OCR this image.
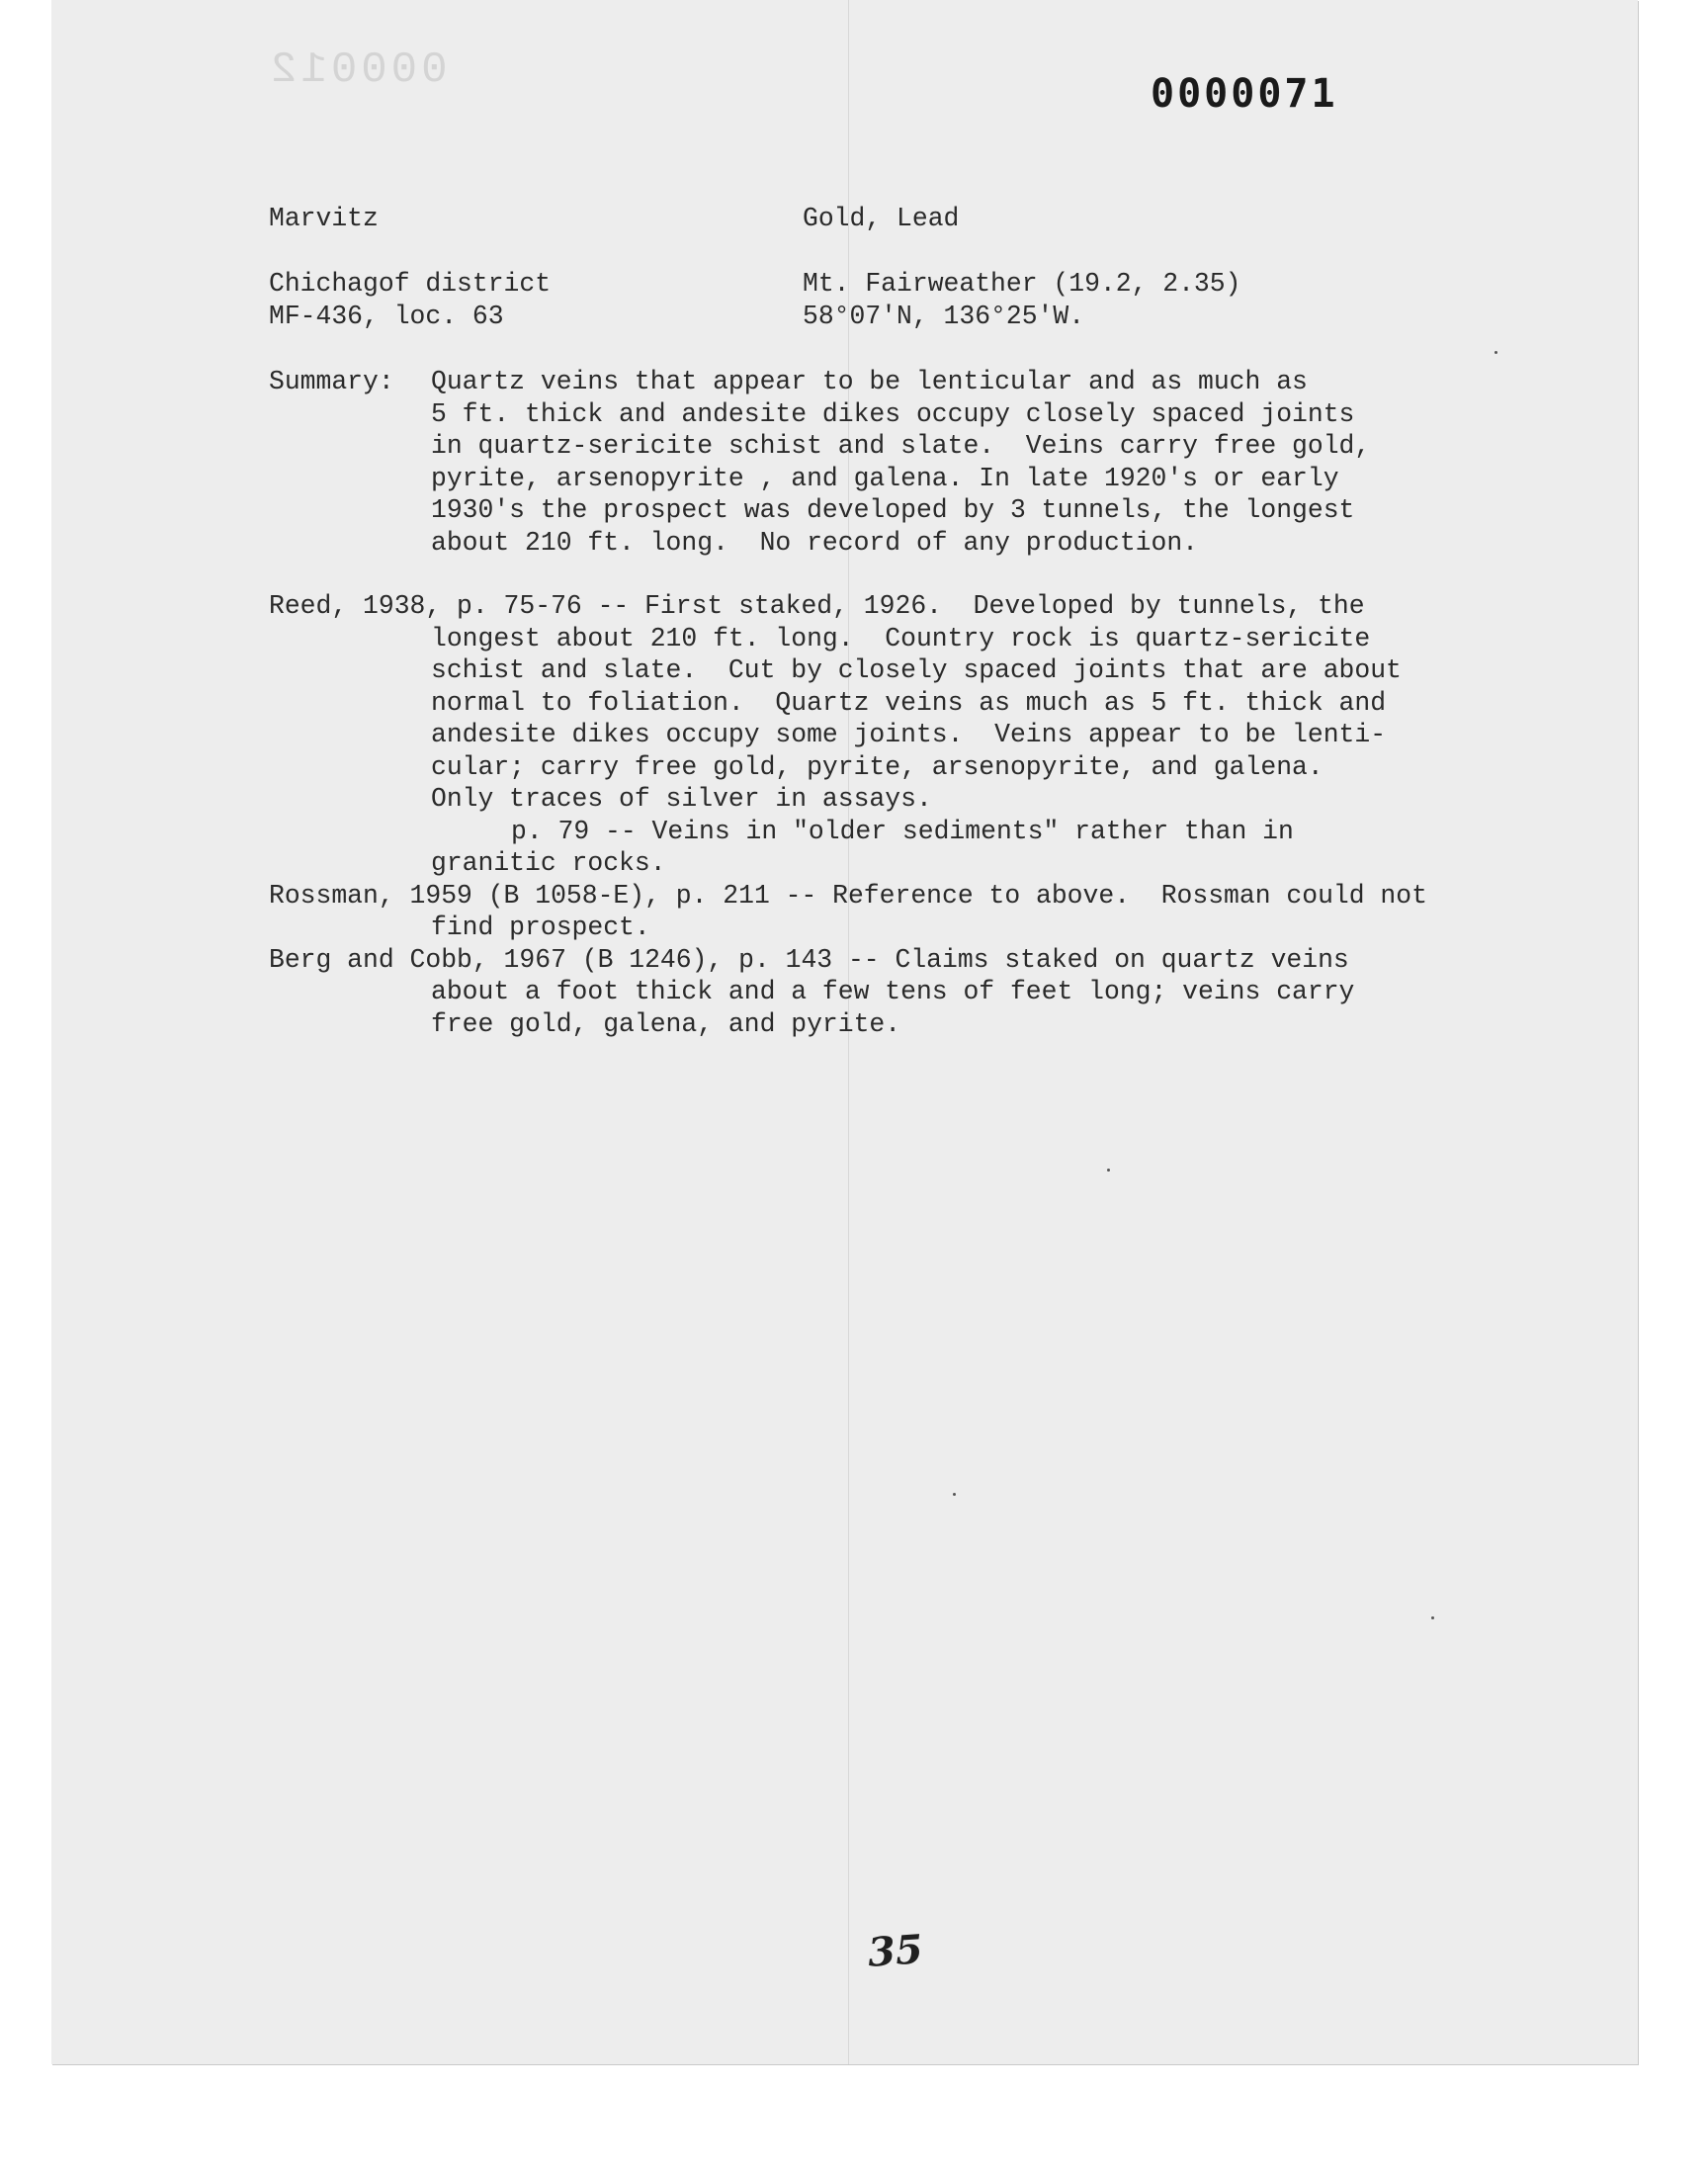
000012	0000071
Marvitz	Gold, Lead
Chichagof district	Mt. Fairweather (19.2, 2.35)
MF-436, loc. 63	58°07'N, 136°25'W.
Summary: Quartz veins that appear to be lenticular and as much as
5 ft. thick and andesite dikes occupy closely spaced joints
in quartz-sericite schist and slate.  Veins carry free gold,
pyrite, arsenopyrite , and galena. In late 1920's or early
1930's the prospect was developed by 3 tunnels, the longest
about 210 ft. long.  No record of any production.
Reed, 1938, p. 75-76 -- First staked, 1926.  Developed by tunnels, the
longest about 210 ft. long.  Country rock is quartz-sericite
schist and slate.  Cut by closely spaced joints that are about
normal to foliation.  Quartz veins as much as 5 ft. thick and
andesite dikes occupy some joints.  Veins appear to be lenti-
cular; carry free gold, pyrite, arsenopyrite, and galena.
Only traces of silver in assays.
p. 79 -- Veins in "older sediments" rather than in
granitic rocks.
Rossman, 1959 (B 1058-E), p. 211 -- Reference to above.  Rossman could not
find prospect.
Berg and Cobb, 1967 (B 1246), p. 143 -- Claims staked on quartz veins
about a foot thick and a few tens of feet long; veins carry
free gold, galena, and pyrite.
35
